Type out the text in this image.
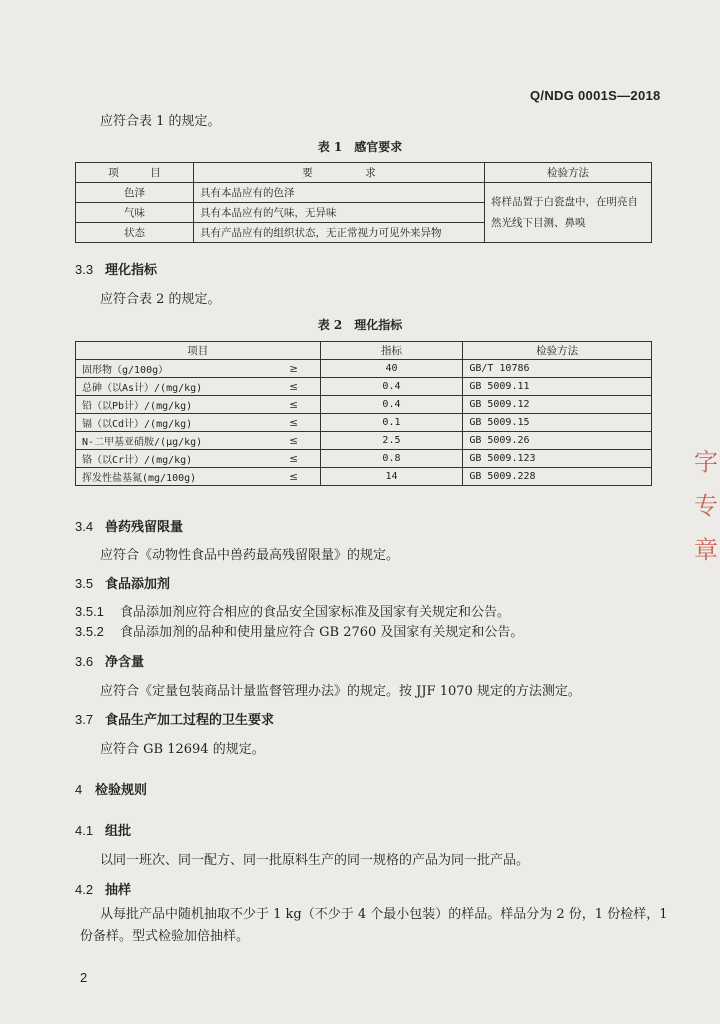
Q/NDG 0001S—2018
应符合表 1 的规定。
表 1　感官要求
项　　　目	要　　　　　求	检验方法
色泽	具有本品应有的色泽	将样品置于白瓷盘中，在明亮自然光线下目测、鼻嗅
气味	具有本品应有的气味，无异味	
状态	具有产品应有的组织状态，无正常视力可见外来异物	
3.3 理化指标
应符合表 2 的规定。
表 2　理化指标
项目		指标	检验方法
固形物（g/100g）	≥	40	GB/T 10786
总砷（以As计）/(mg/kg)	≤	0.4	GB 5009.11
铅（以Pb计）/(mg/kg)	≤	0.4	GB 5009.12
镉（以Cd计）/(mg/kg)	≤	0.1	GB 5009.15
N-二甲基亚硝胺/(μg/kg)	≤	2.5	GB 5009.26
铬（以Cr计）/(mg/kg)	≤	0.8	GB 5009.123
挥发性盐基氮(mg/100g)	≤	14	GB 5009.228
3.4 兽药残留限量
应符合《动物性食品中兽药最高残留限量》的规定。
3.5 食品添加剂
3.5.1 食品添加剂应符合相应的食品安全国家标准及国家有关规定和公告。
3.5.2 食品添加剂的品种和使用量应符合 GB 2760 及国家有关规定和公告。
3.6 净含量
应符合《定量包装商品计量监督管理办法》的规定。按 JJF 1070 规定的方法测定。
3.7 食品生产加工过程的卫生要求
应符合 GB 12694 的规定。
4 检验规则
4.1 组批
以同一班次、同一配方、同一批原料生产的同一规格的产品为同一批产品。
4.2 抽样
从每批产品中随机抽取不少于 1 kg（不少于 4 个最小包装）的样品。样品分为 2 份，1 份检样，1
份备样。型式检验加倍抽样。
字
专
章
2
